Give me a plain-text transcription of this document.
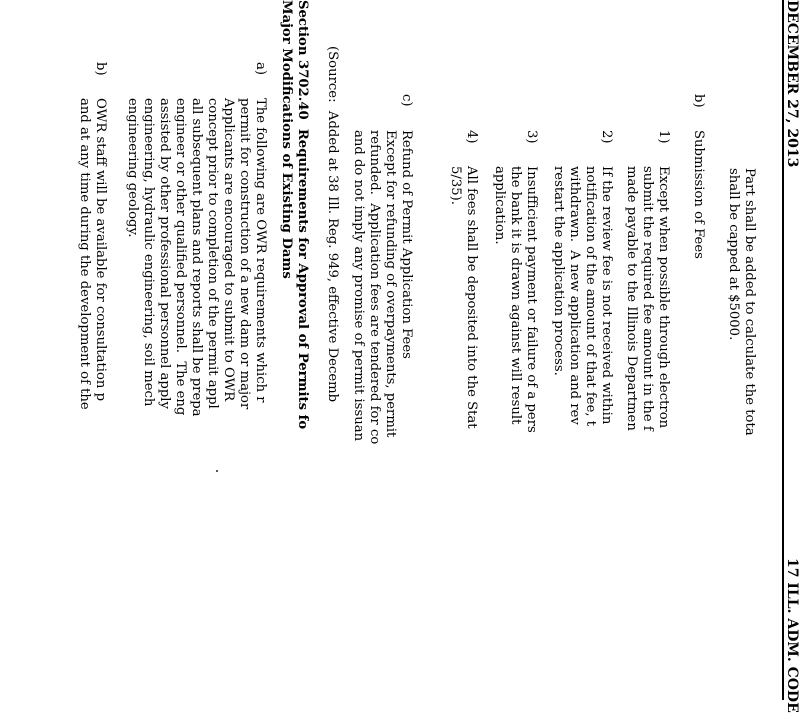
DECEMBER 27, 2013
17 ILL. ADM. CODE
Part shall be added to calculate the tota
shall be capped at $5000.
b)
Submission of Fees
1)
Except when possible through electron
submit the required fee amount in the f
made payable to the Illinois Departmen
2)
If the review fee is not received within
notification of the amount of that fee, t
withdrawn.  A new application and rev
restart the application process.
3)
Insufficient payment or failure of a pers
the bank it is drawn against will result
application.
4)
All fees shall be deposited into the Stat
5/35).
c)
Refund of Permit Application Fees
Except for refunding of overpayments, permit
refunded.  Application fees are tendered for co
and do not imply any promise of permit issuan
(Source:  Added at 38 Ill. Reg. 949, effective Decemb
Section 3702.40  Requirements for Approval of Permits fo
Major Modifications of Existing Dams
a)
The following are OWR requirements which r
permit for construction of a new dam or major
Applicants are encouraged to submit to OWR
concept prior to completion of the permit appl
all subsequent plans and reports shall be prepa
engineer or other qualified personnel.  The eng
assisted by other professional personnel apply
engineering, hydraulic engineering, soil mech
engineering geology.
b)
OWR staff will be available for consultation p
and at any time during the development of the
